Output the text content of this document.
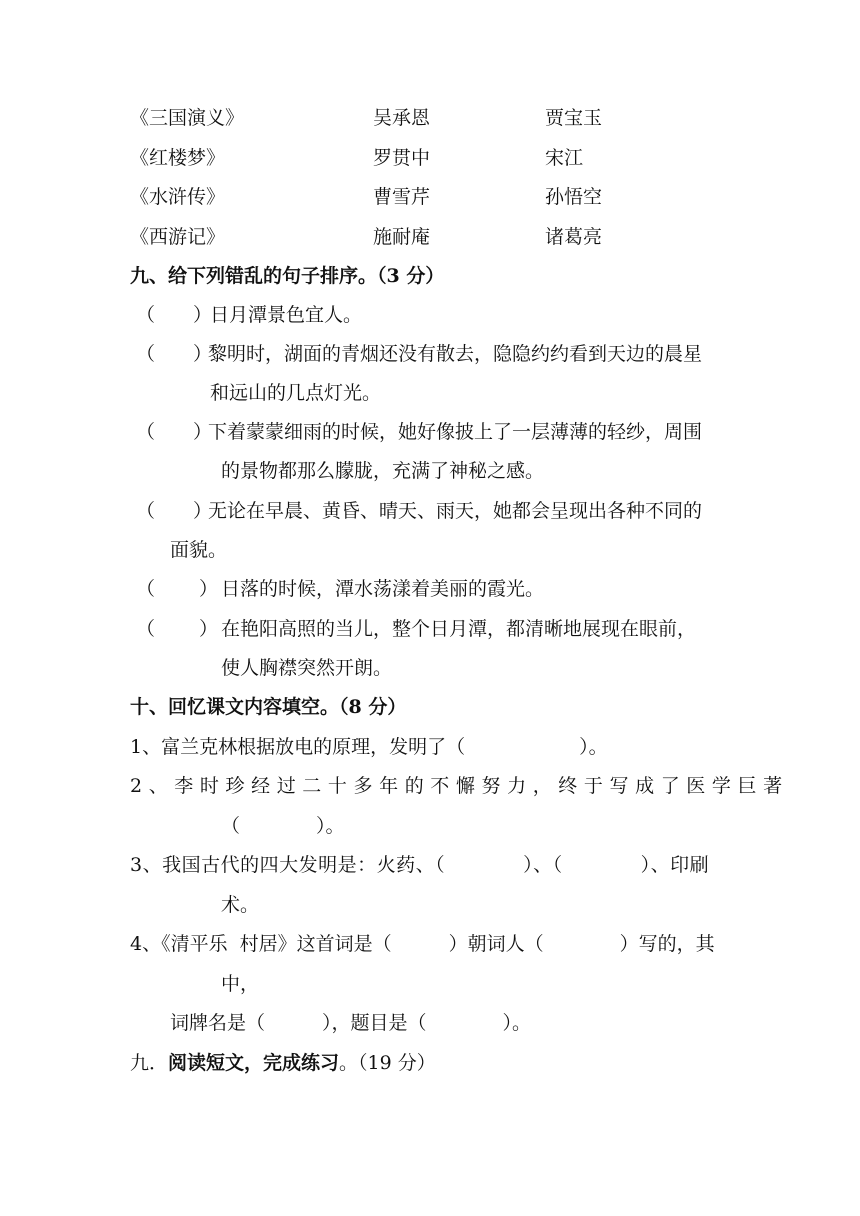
《三国演义》	吴承恩	贾宝玉
《红楼梦》	罗贯中	宋江
《水浒传》	曹雪芹	孙悟空
《西游记》	施耐庵	诸葛亮
九、给下列错乱的句子排序。（3 分）
（　　）
日月潭景色宜人。
（　　）
黎明时，湖面的青烟还没有散去，隐隐约约看到天边的晨星
和远山的几点灯光。
（　　）
下着蒙蒙细雨的时候，她好像披上了一层薄薄的轻纱，周围
的景物都那么朦胧，充满了神秘之感。
（　　）
无论在早晨、黄昏、晴天、雨天，她都会呈现出各种不同的
面貌。
（　　 ） 日落的时候，潭水荡漾着美丽的霞光。
（　　 ） 在艳阳高照的当儿，整个日月潭，都清晰地展现在眼前，
使人胸襟突然开朗。
十、回忆课文内容填空。（8 分）
1、富兰克林根据放电的原理，发明了（　　　　　　）。
2、李时珍经过二十多年的不懈努力，终于写成了医学巨著
（　　　　）。
3、我国古代的四大发明是：火药、（　　　　）、（　　　　）、印刷
术。
4、《清平乐  村居》这首词是（　　　）朝词人（　　　　）写的，其
中，
词牌名是（　　　），题目是（　　　　）。
九．阅读短文，完成练习。（19 分）
